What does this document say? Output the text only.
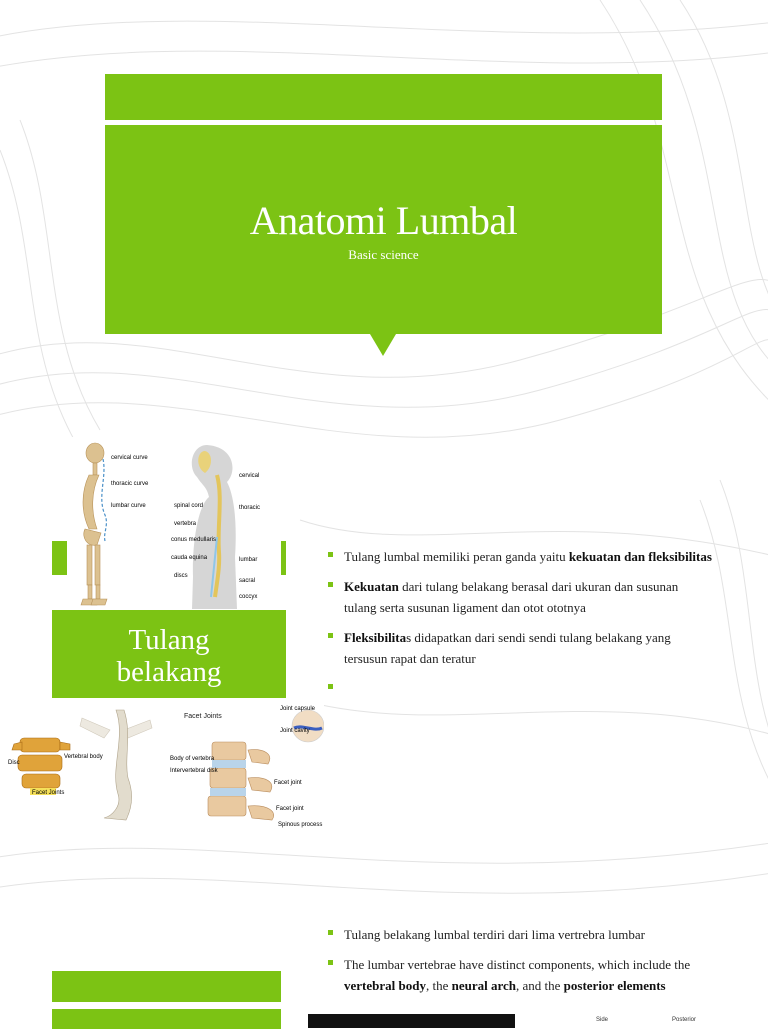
Anatomi Lumbal
Basic science
cervical curve
thoracic curve
lumbar curve
cervical
thoracic
lumbar
sacral
coccyx
spinal cord
vertebra
conus medullaris
cauda equina
discs
Tulang
belakang
Disc
Vertebral body
Facet Joints
Facet Joints
Joint capsule
Joint cavity
Body of vertebra
Intervertebral disk
Facet joint
Facet joint
Spinous process
Tulang lumbal memiliki peran ganda yaitu kekuatan dan fleksibilitas
Kekuatan dari tulang belakang berasal dari ukuran dan susunan tulang serta susunan ligament dan otot ototnya
Fleksibilitas didapatkan dari sendi sendi tulang belakang yang tersusun rapat dan teratur
Tulang belakang lumbal terdiri dari lima vertrebra lumbar
The lumbar vertebrae have distinct components, which include the vertebral body, the neural arch, and the posterior elements
Side	Posterior
